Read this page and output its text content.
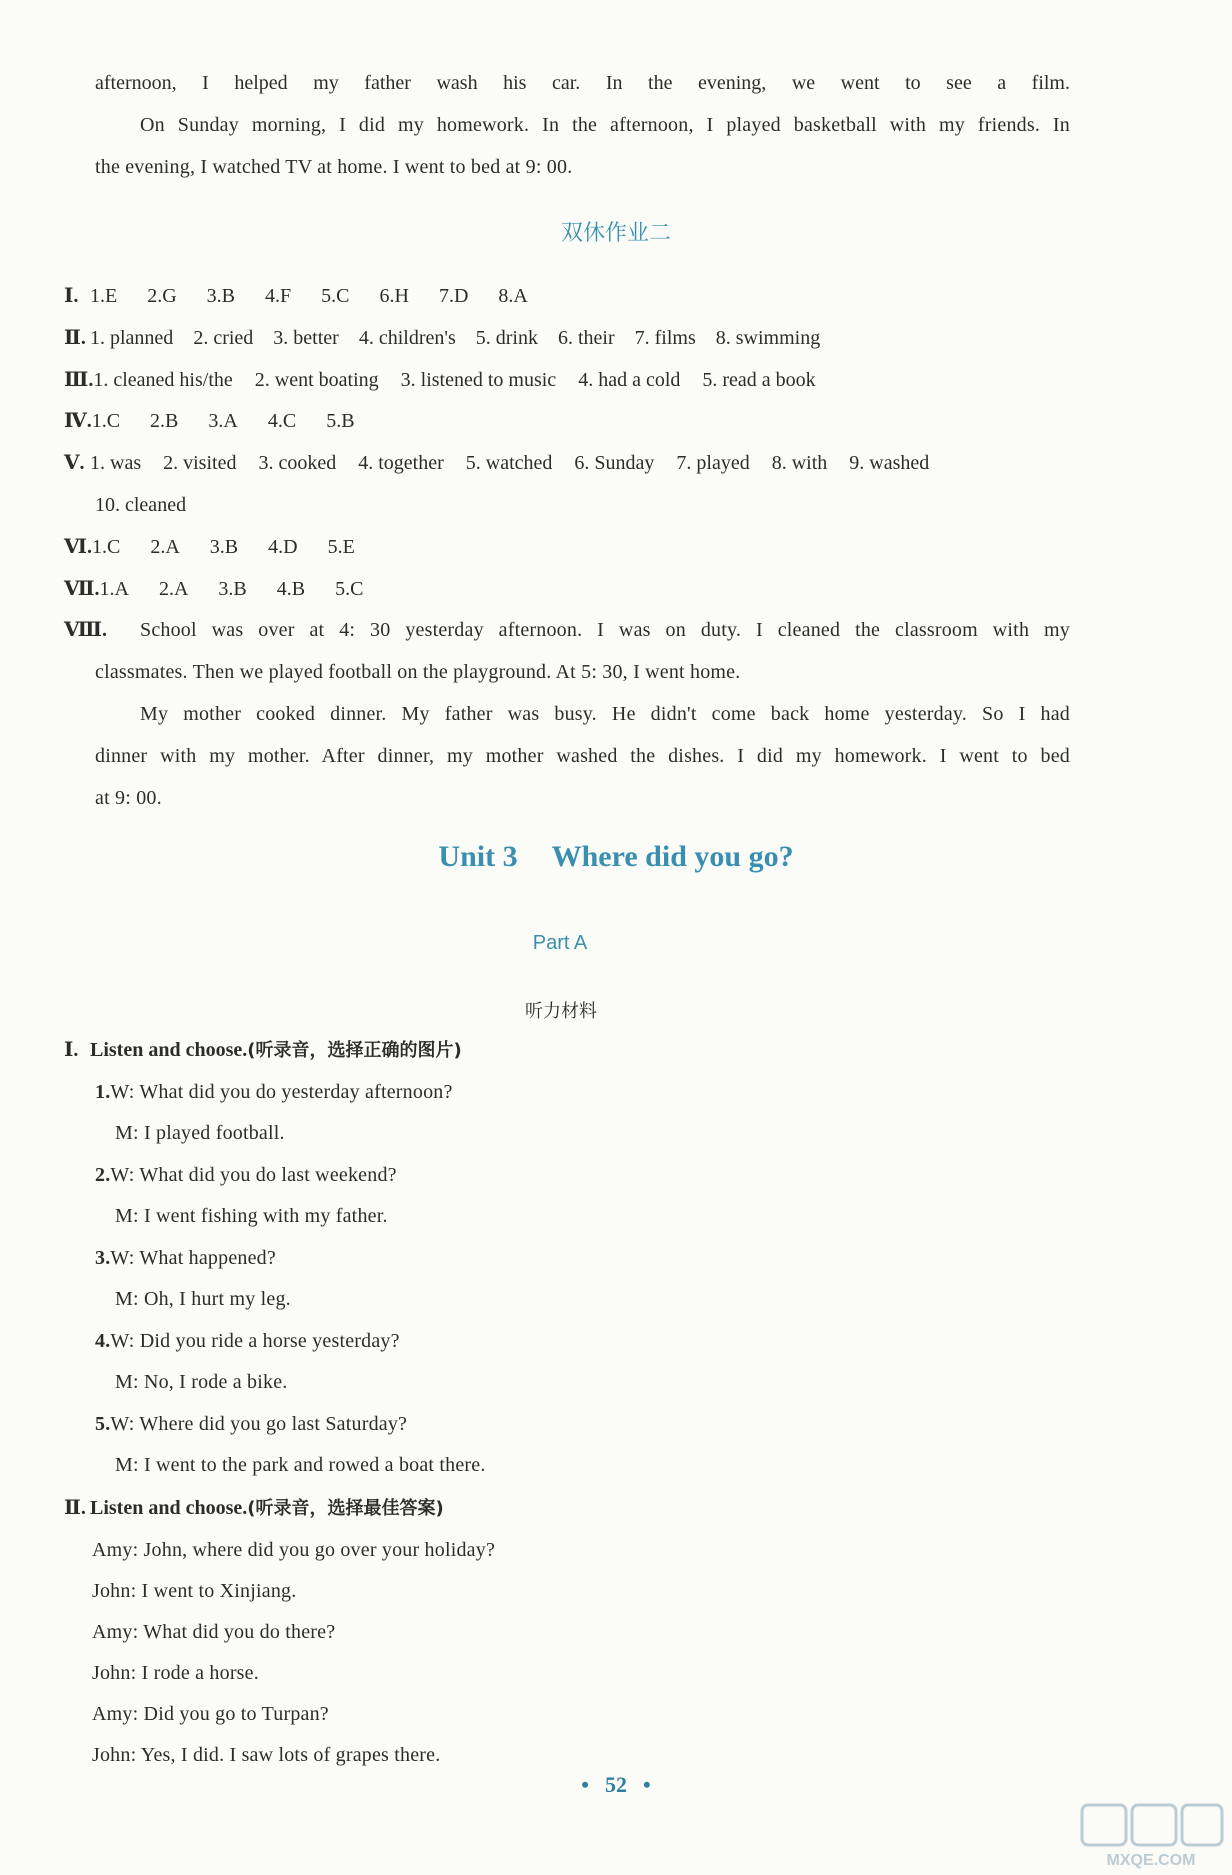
afternoon, I helped my father wash his car. In the evening, we went to see a film.
On Sunday morning, I did my homework. In the afternoon, I played basketball with my friends. In
the evening, I watched TV at home. I went to bed at 9: 00.
双休作业二
Ⅰ. 1.E 2.G 3.B 4.F 5.C 6.H 7.D 8.A
Ⅱ. 1. planned 2. cried 3. better 4. children's 5. drink 6. their 7. films 8. swimming
Ⅲ.1. cleaned his/the 2. went boating 3. listened to music 4. had a cold 5. read a book
Ⅳ.1.C 2.B 3.A 4.C 5.B
Ⅴ. 1. was 2. visited 3. cooked 4. together 5. watched 6. Sunday 7. played 8. with 9. washed
10. cleaned
Ⅵ.1.C 2.A 3.B 4.D 5.E
Ⅶ.1.A 2.A 3.B 4.B 5.C
Ⅷ. School was over at 4: 30 yesterday afternoon. I was on duty. I cleaned the classroom with my
classmates. Then we played football on the playground. At 5: 30, I went home.
My mother cooked dinner. My father was busy. He didn't come back home yesterday. So I had
dinner with my mother. After dinner, my mother washed the dishes. I did my homework. I went to bed
at 9: 00.
Unit 3 Where did you go?
Part A
听力材料
Ⅰ. Listen and choose.(听录音，选择正确的图片)
1.W: What did you do yesterday afternoon?
M: I played football.
2.W: What did you do last weekend?
M: I went fishing with my father.
3.W: What happened?
M: Oh, I hurt my leg.
4.W: Did you ride a horse yesterday?
M: No, I rode a bike.
5.W: Where did you go last Saturday?
M: I went to the park and rowed a boat there.
Ⅱ. Listen and choose.(听录音，选择最佳答案)
Amy: John, where did you go over your holiday?
John: I went to Xinjiang.
Amy: What did you do there?
John: I rode a horse.
Amy: Did you go to Turpan?
John: Yes, I did. I saw lots of grapes there.
• 52 •
MXQE.COM
